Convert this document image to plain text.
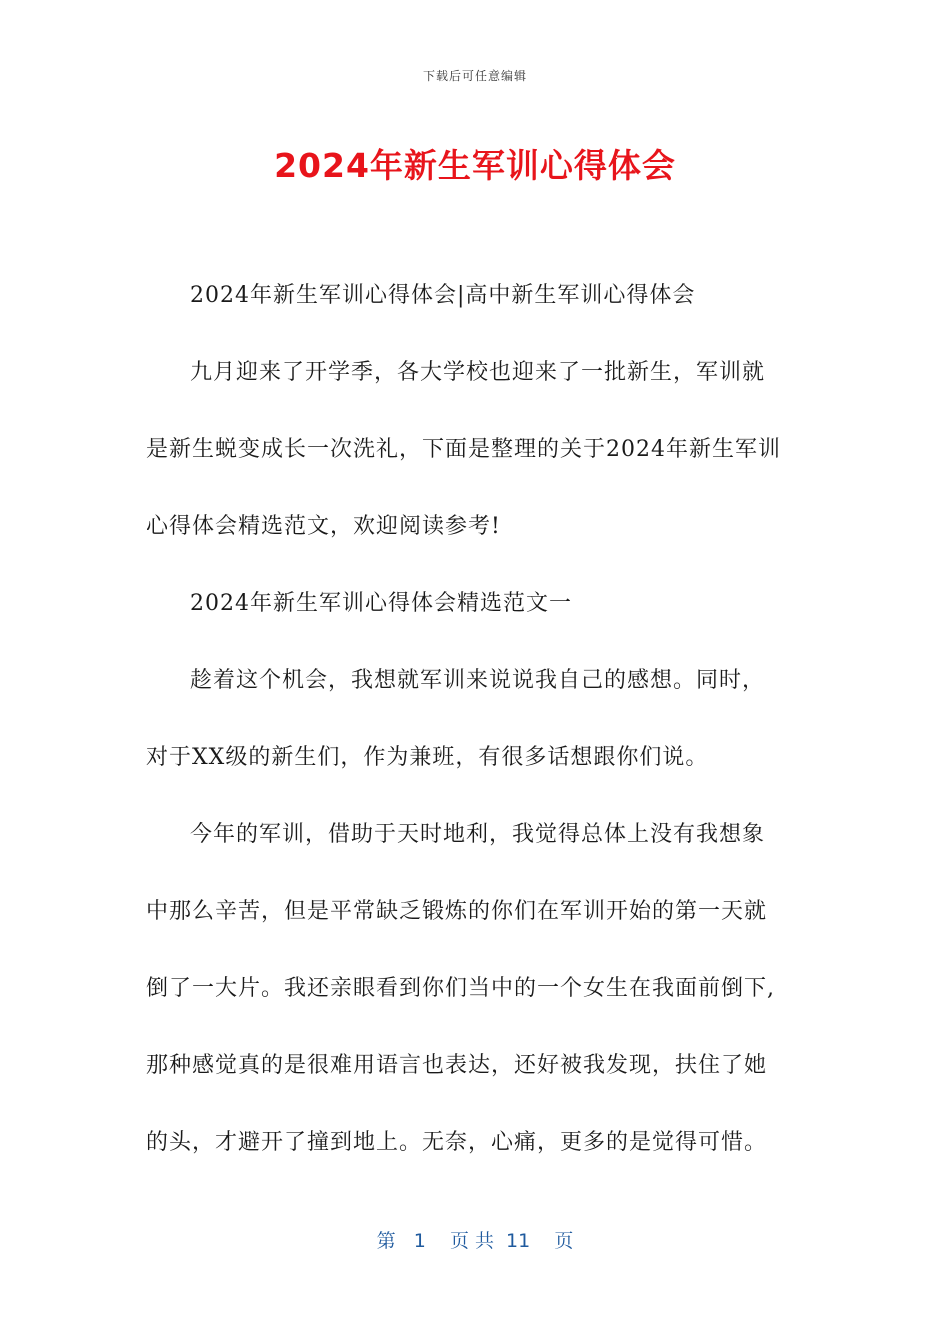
下载后可任意编辑
2024年新生军训心得体会

2024年新生军训心得体会|高中新生军训心得体会

九月迎来了开学季，各大学校也迎来了一批新生，军训就
是新生蜕变成长一次洗礼，下面是整理的关于2024年新生军训
心得体会精选范文，欢迎阅读参考!

2024年新生军训心得体会精选范文一

趁着这个机会，我想就军训来说说我自己的感想。同时，
对于XX级的新生们，作为兼班，有很多话想跟你们说。

今年的军训，借助于天时地利，我觉得总体上没有我想象
中那么辛苦，但是平常缺乏锻炼的你们在军训开始的第一天就
倒了一大片。我还亲眼看到你们当中的一个女生在我面前倒下,
那种感觉真的是很难用语言也表达，还好被我发现，扶住了她
的头，才避开了撞到地上。无奈，心痛，更多的是觉得可惜。

第   1    页 共  11    页
